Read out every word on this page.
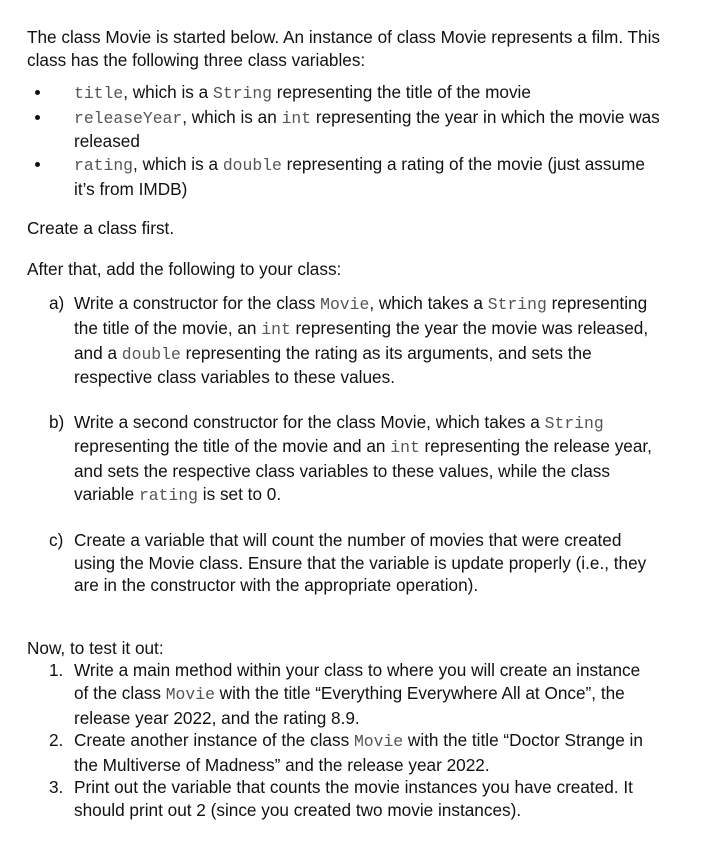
The class Movie is started below. An instance of class Movie represents a film. This class has the following three class variables:

title, which is a String representing the title of the movie
releaseYear, which is an int representing the year in which the movie was released
rating, which is a double representing a rating of the movie (just assume it’s from IMDB)

Create a class first.

After that, add the following to your class:

a) Write a constructor for the class Movie, which takes a String representing the title of the movie, an int representing the year the movie was released, and a double representing the rating as its arguments, and sets the respective class variables to these values.
b) Write a second constructor for the class Movie, which takes a String representing the title of the movie and an int representing the release year, and sets the respective class variables to these values, while the class variable rating is set to 0.
c) Create a variable that will count the number of movies that were created using the Movie class. Ensure that the variable is update properly (i.e., they are in the constructor with the appropriate operation).

Now, to test it out:

1. Write a main method within your class to where you will create an instance of the class Movie with the title “Everything Everywhere All at Once”, the release year 2022, and the rating 8.9.
2. Create another instance of the class Movie with the title “Doctor Strange in the Multiverse of Madness” and the release year 2022.
3. Print out the variable that counts the movie instances you have created. It should print out 2 (since you created two movie instances).
